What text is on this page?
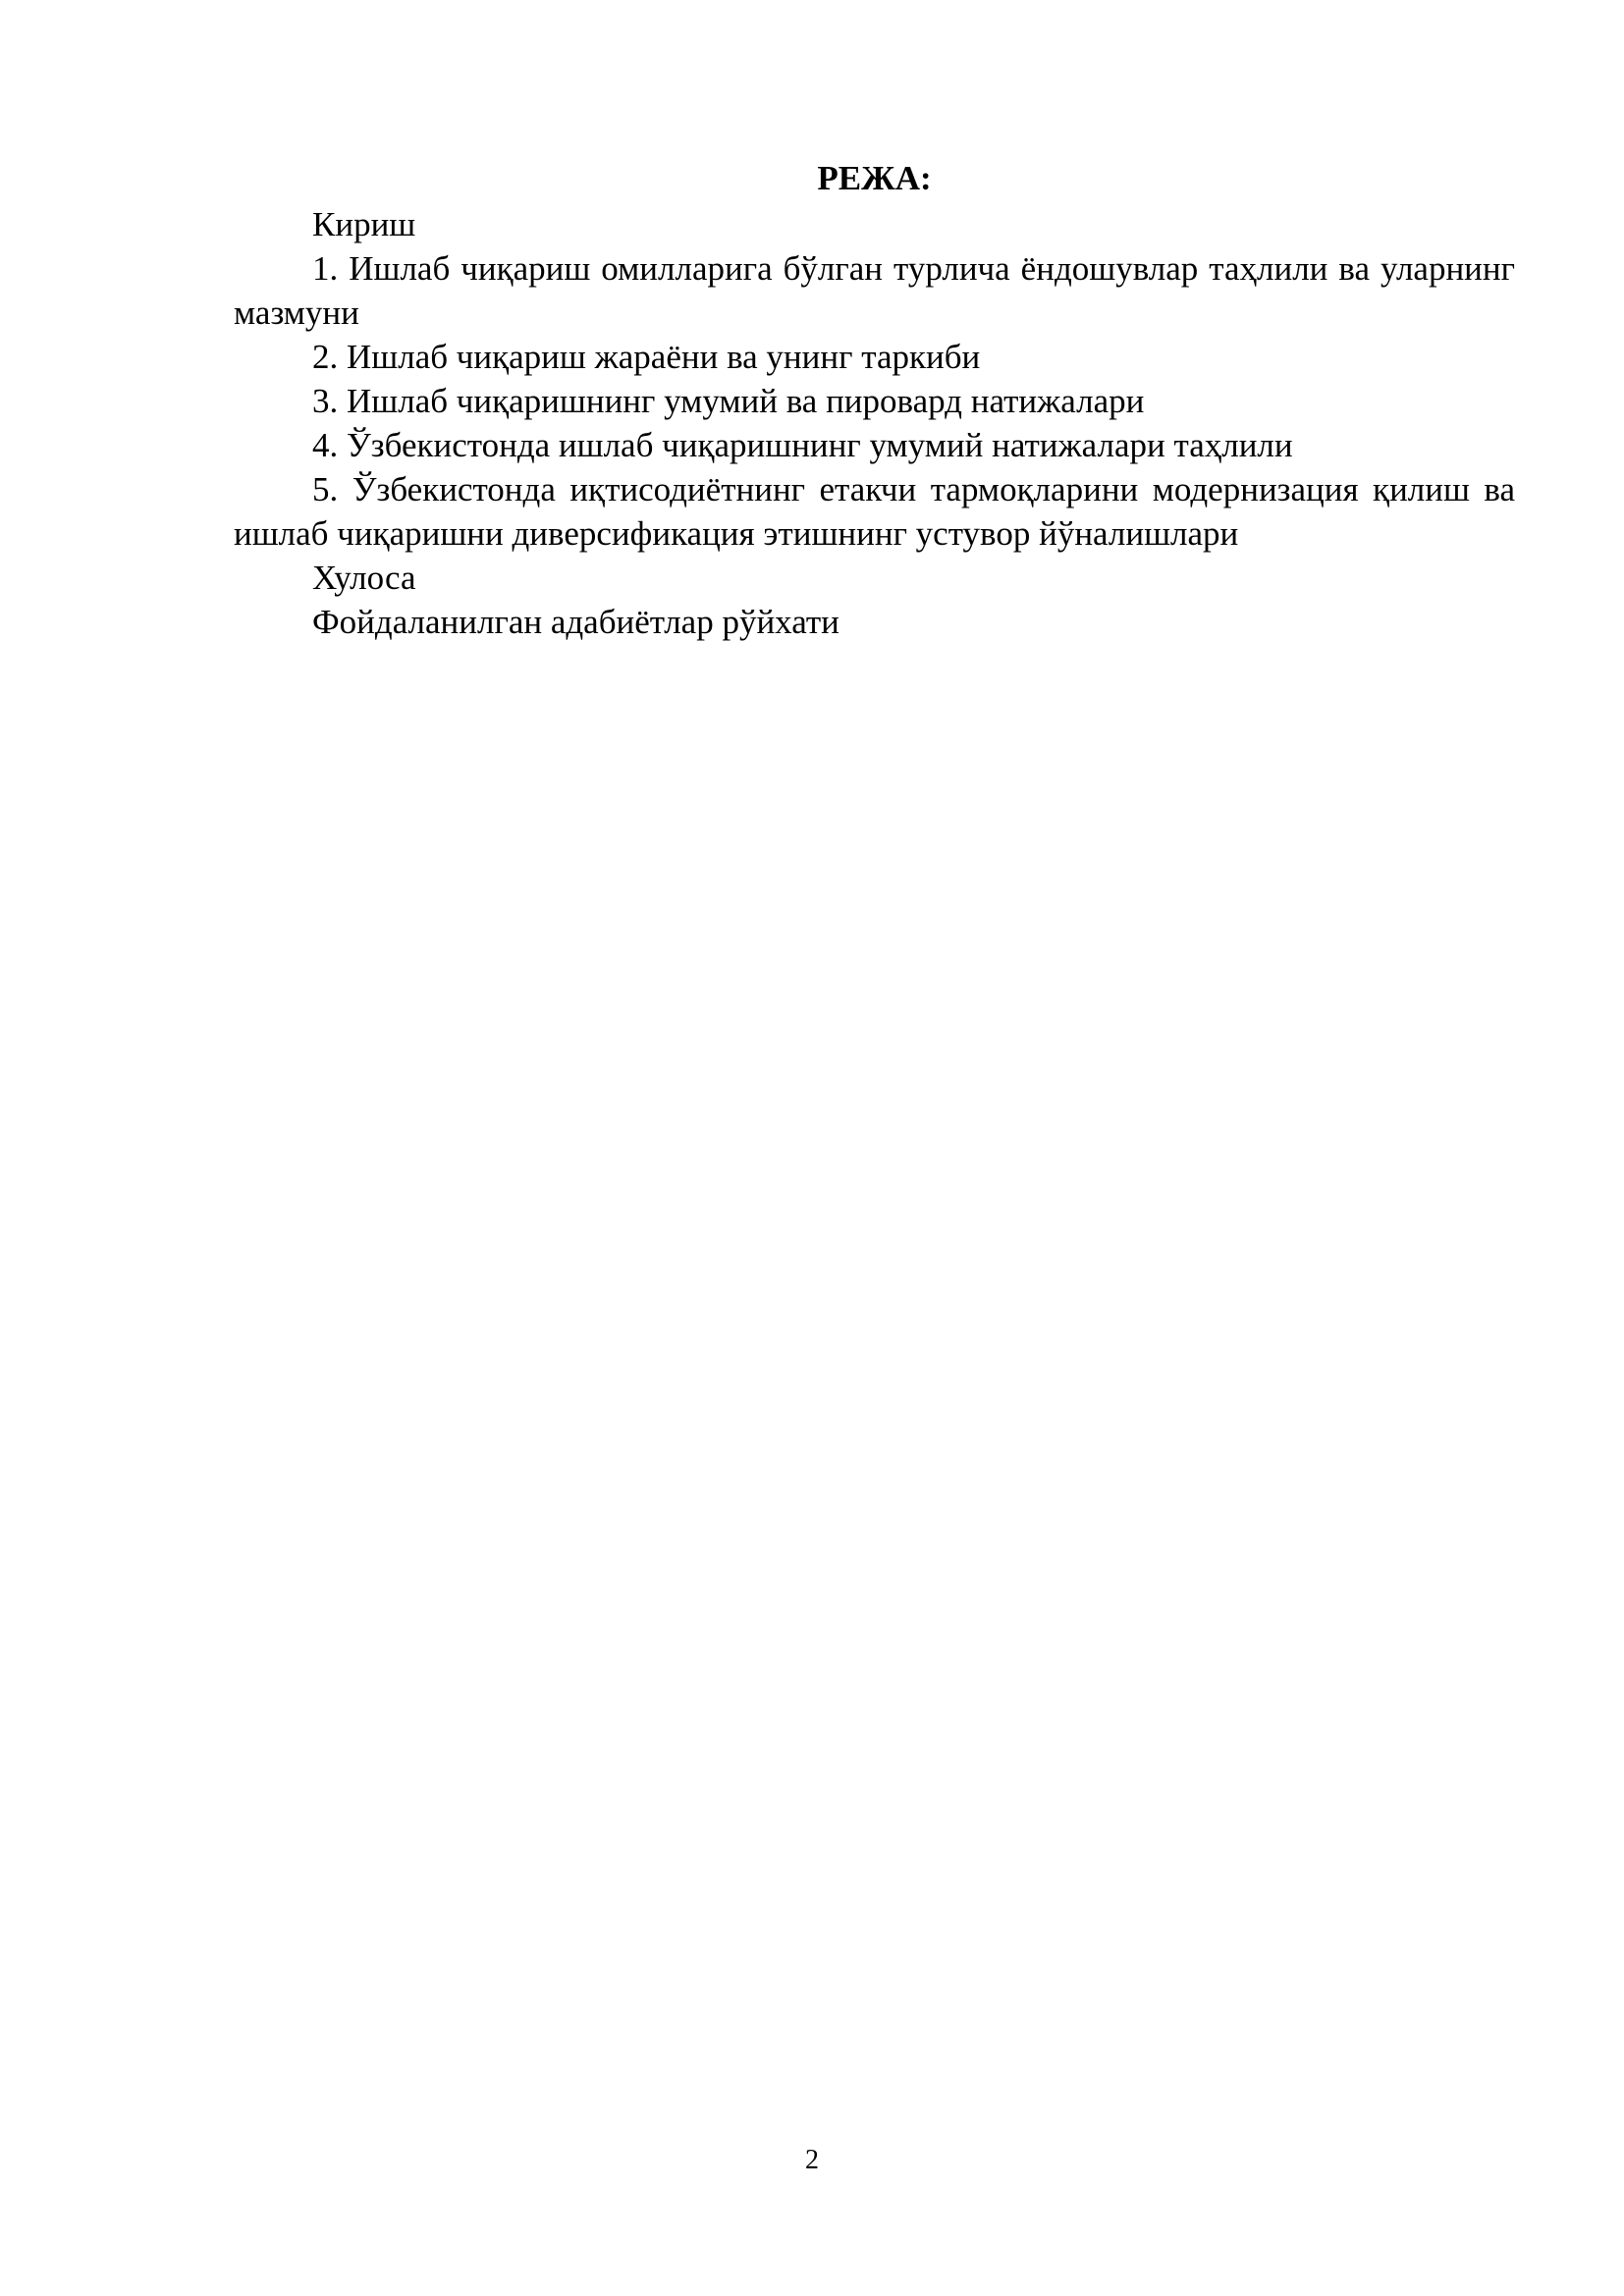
РЕЖА:

Кириш

1. Ишлаб чиқариш омилларига бўлган турлича ёндошувлар таҳлили ва уларнинг мазмуни

2. Ишлаб чиқариш жараёни ва унинг таркиби

3. Ишлаб чиқаришнинг умумий ва пировард натижалари

4. Ўзбекистонда ишлаб чиқаришнинг умумий натижалари таҳлили

5. Ўзбекистонда иқтисодиётнинг етакчи тармоқларини модернизация қилиш ва ишлаб чиқаришни диверсификация этишнинг устувор йўналишлари

Хулоса

Фойдаланилган адабиётлар рўйхати

2
